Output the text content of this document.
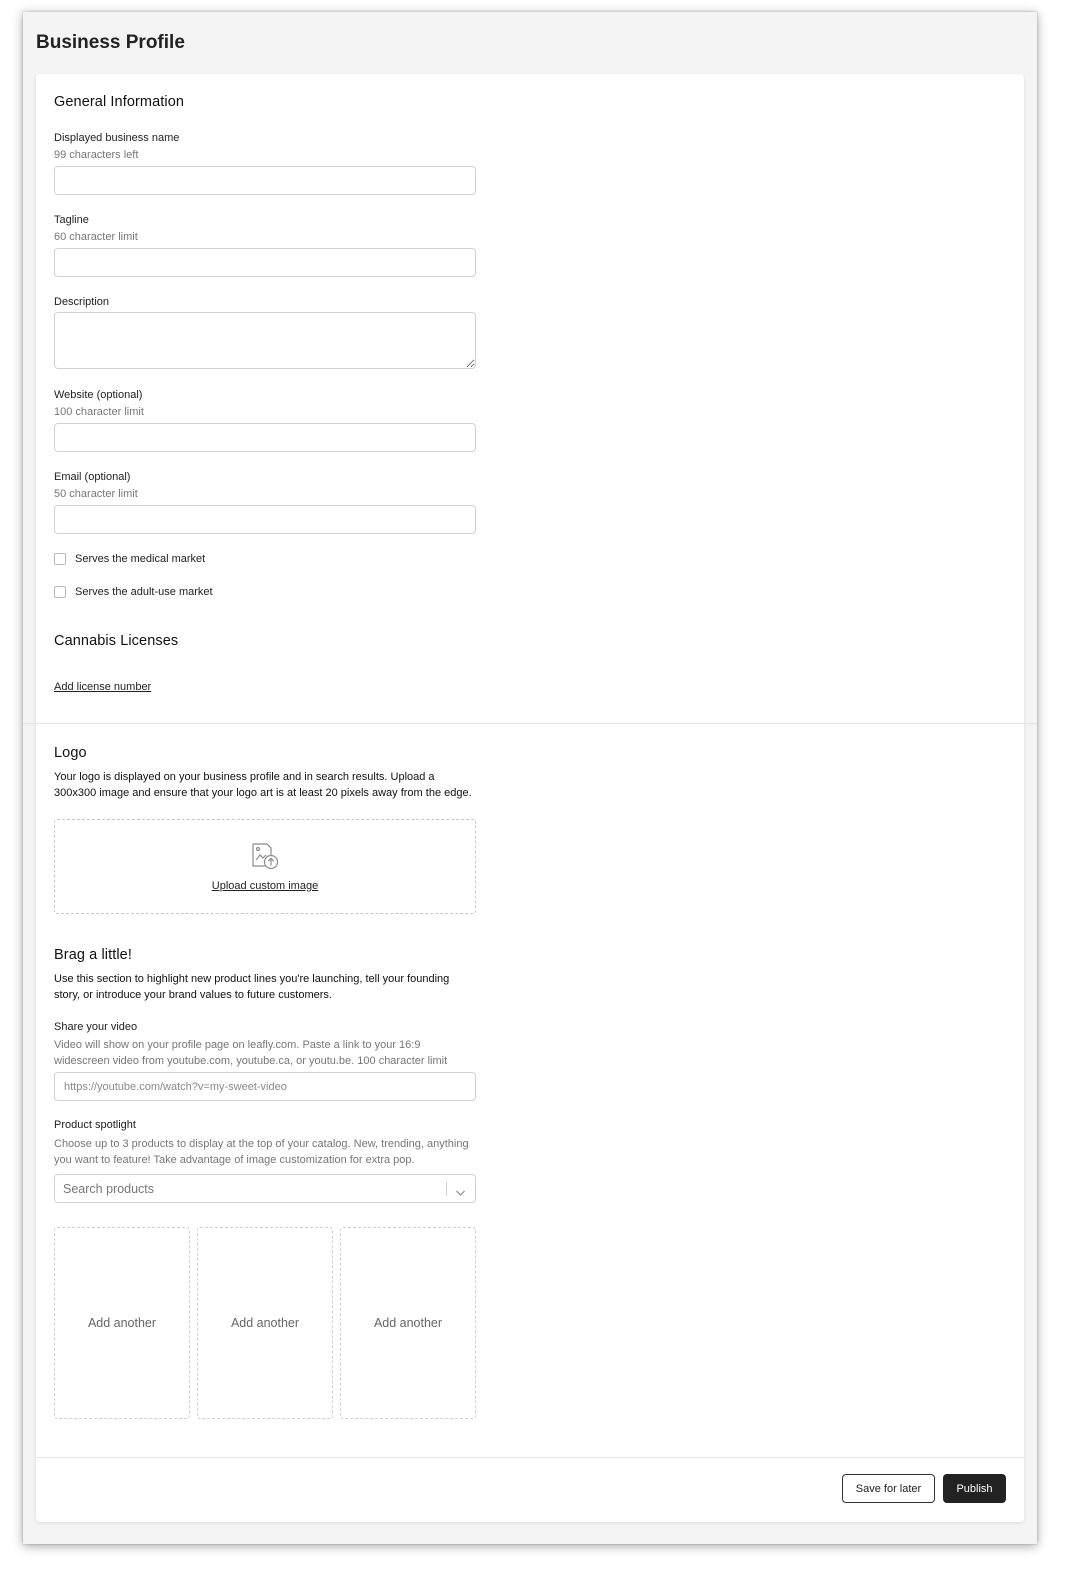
Business Profile
General Information
Displayed business name
99 characters left
Tagline
60 character limit
Description
Website (optional)
100 character limit
Email (optional)
50 character limit
Serves the medical market
Serves the adult-use market
Cannabis Licenses
Add license number
Logo
Your logo is displayed on your business profile and in search results. Upload a 300x300 image and ensure that your logo art is at least 20 pixels away from the edge.
Upload custom image
Brag a little!
Use this section to highlight new product lines you're launching, tell your founding story, or introduce your brand values to future customers.
Share your video
Video will show on your profile page on leafly.com. Paste a link to your 16:9 widescreen video from youtube.com, youtube.ca, or youtu.be. 100 character limit
https://youtube.com/watch?v=my-sweet-video
Product spotlight
Choose up to 3 products to display at the top of your catalog. New, trending, anything you want to feature! Take advantage of image customization for extra pop.
Search products
Add another	Add another	Add another
Save for later	Publish
